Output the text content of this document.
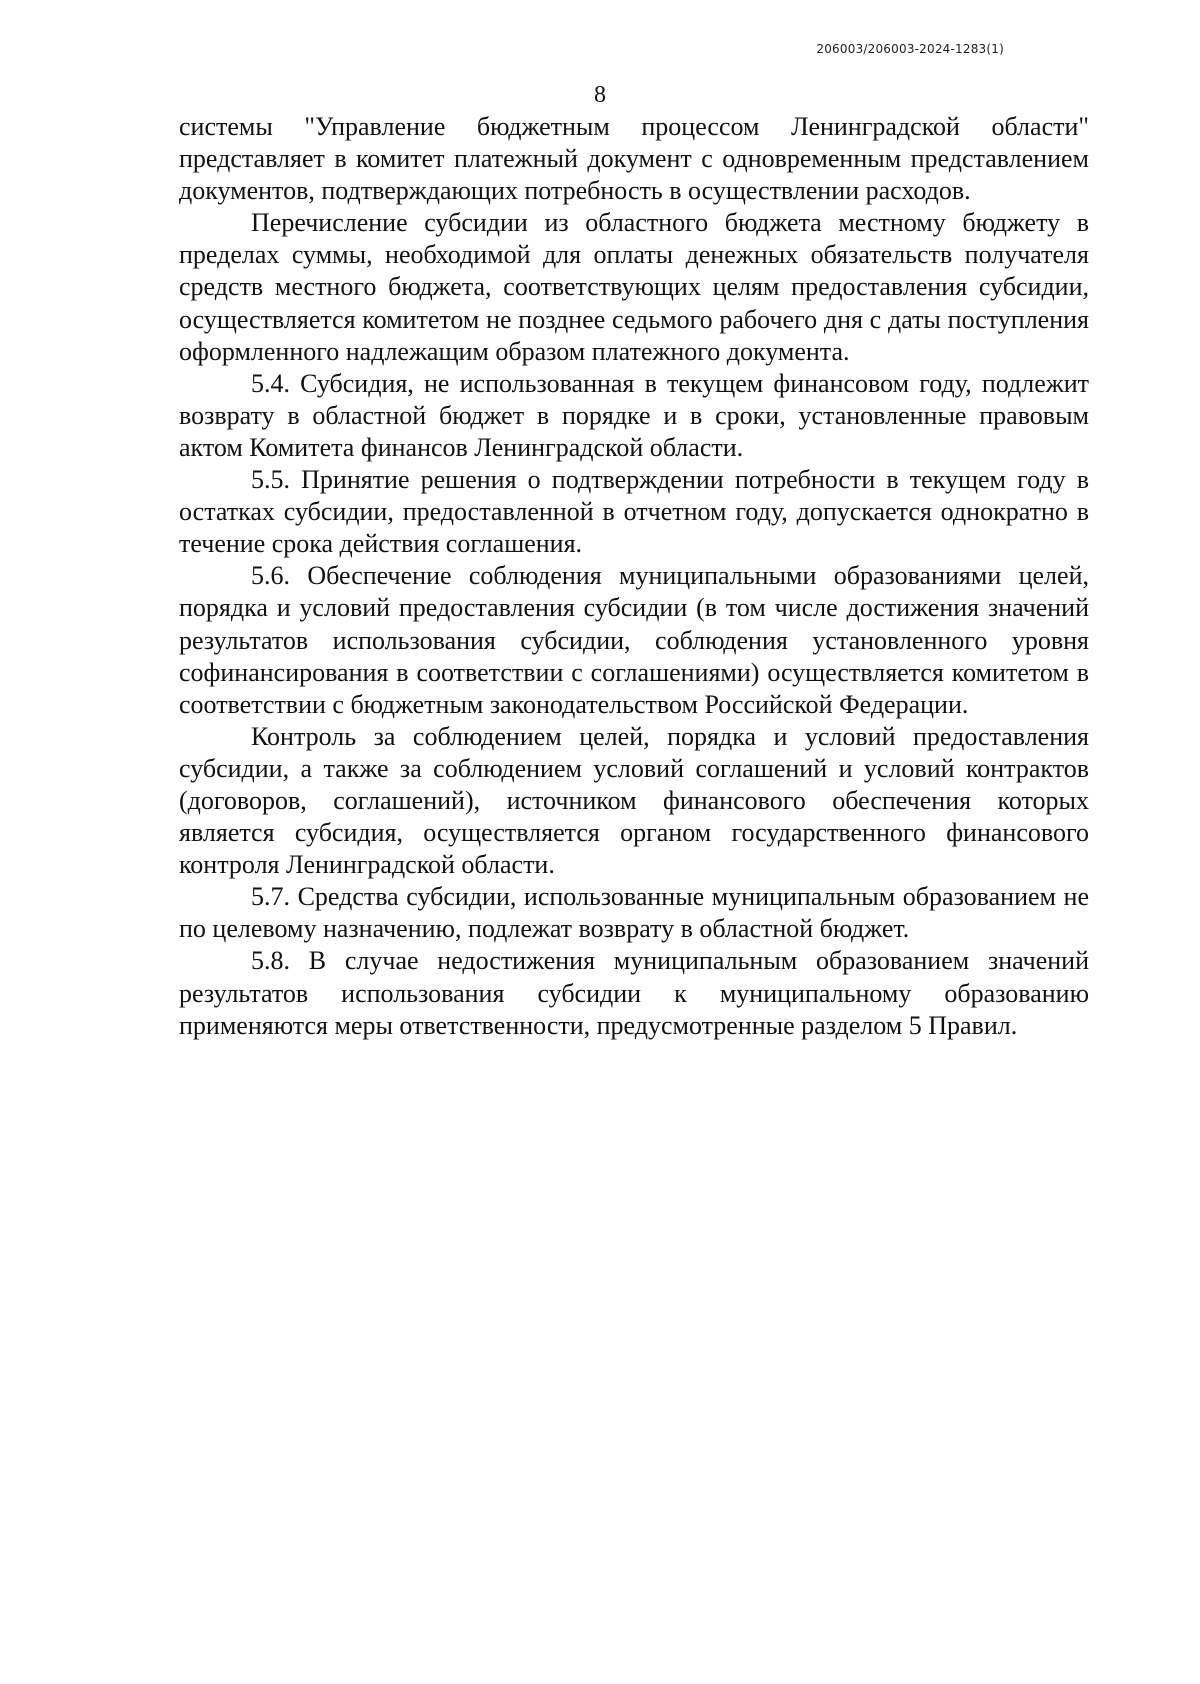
206003/206003-2024-1283(1)
8

системы "Управление бюджетным процессом Ленинградской области" представляет в комитет платежный документ с одновременным представлением документов, подтверждающих потребность в осуществлении расходов.

Перечисление субсидии из областного бюджета местному бюджету в пределах суммы, необходимой для оплаты денежных обязательств получателя средств местного бюджета, соответствующих целям предоставления субсидии, осуществляется комитетом не позднее седьмого рабочего дня с даты поступления оформленного надлежащим образом платежного документа.

5.4. Субсидия, не использованная в текущем финансовом году, подлежит возврату в областной бюджет в порядке и в сроки, установленные правовым актом Комитета финансов Ленинградской области.

5.5. Принятие решения о подтверждении потребности в текущем году в остатках субсидии, предоставленной в отчетном году, допускается однократно в течение срока действия соглашения.

5.6. Обеспечение соблюдения муниципальными образованиями целей, порядка и условий предоставления субсидии (в том числе достижения значений результатов использования субсидии, соблюдения установленного уровня софинансирования в соответствии с соглашениями) осуществляется комитетом в соответствии с бюджетным законодательством Российской Федерации.

Контроль за соблюдением целей, порядка и условий предоставления субсидии, а также за соблюдением условий соглашений и условий контрактов (договоров, соглашений), источником финансового обеспечения которых является субсидия, осуществляется органом государственного финансового контроля Ленинградской области.

5.7. Средства субсидии, использованные муниципальным образованием не по целевому назначению, подлежат возврату в областной бюджет.

5.8. В случае недостижения муниципальным образованием значений результатов использования субсидии к муниципальному образованию применяются меры ответственности, предусмотренные разделом 5 Правил.
